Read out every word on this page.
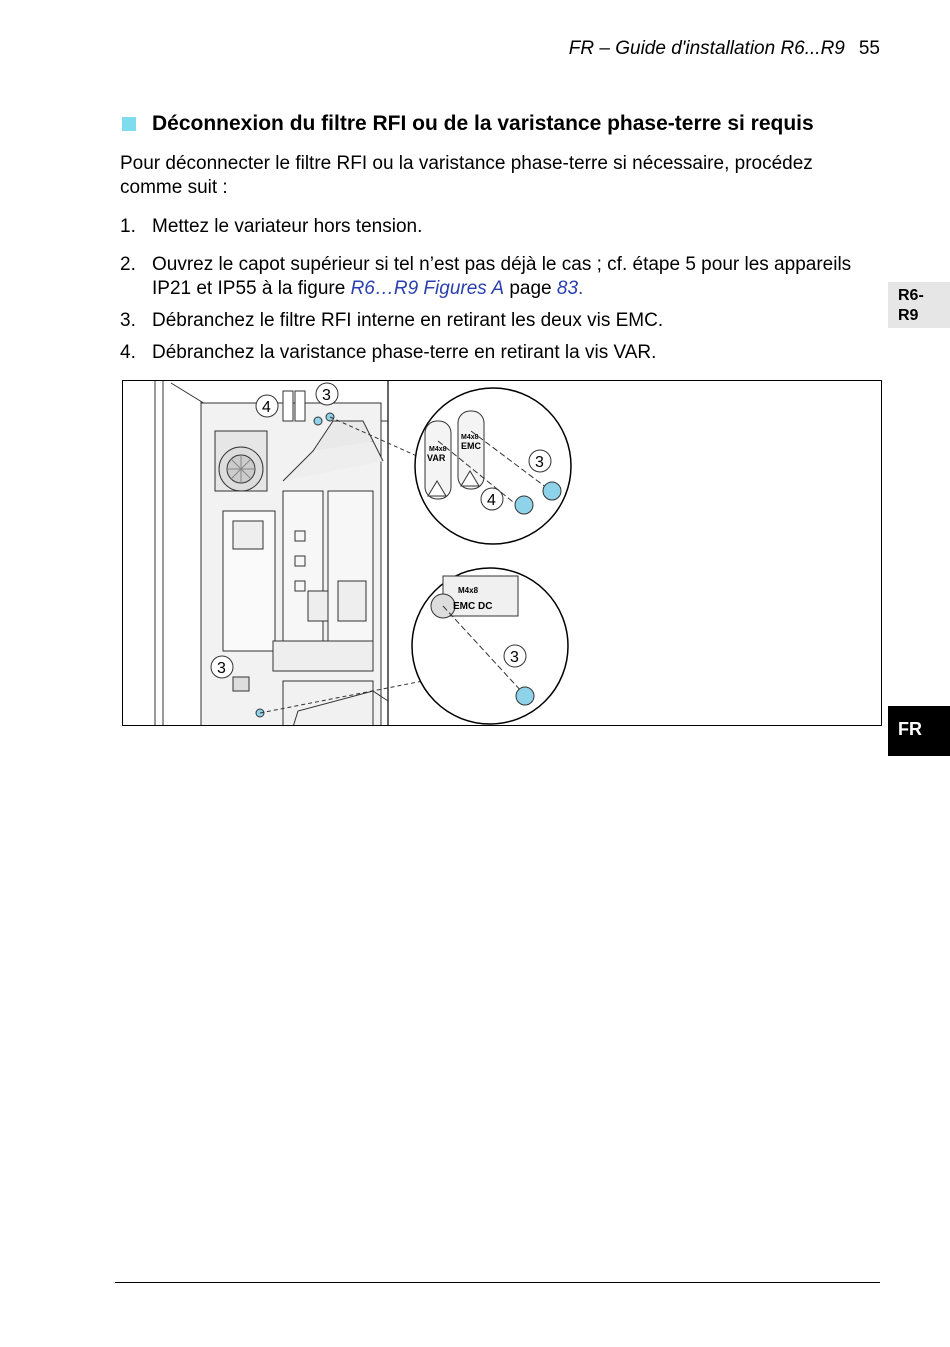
FR – Guide d'installation R6...R9 55
Déconnexion du filtre RFI ou de la varistance phase-terre si requis
Pour déconnecter le filtre RFI ou la varistance phase-terre si nécessaire, procédez comme suit :
1. Mettez le variateur hors tension.
2. Ouvrez le capot supérieur si tel n’est pas déjà le cas ; cf. étape 5 pour les appareils IP21 et IP55 à la figure R6…R9 Figures A page 83.
3. Débranchez le filtre RFI interne en retirant les deux vis EMC.
4. Débranchez la varistance phase-terre en retirant la vis VAR.
VAR
M4x8 EMC
M4x8
3
4
M4x8
EMC DC
3
4
3
3
R6-
R9
FR
